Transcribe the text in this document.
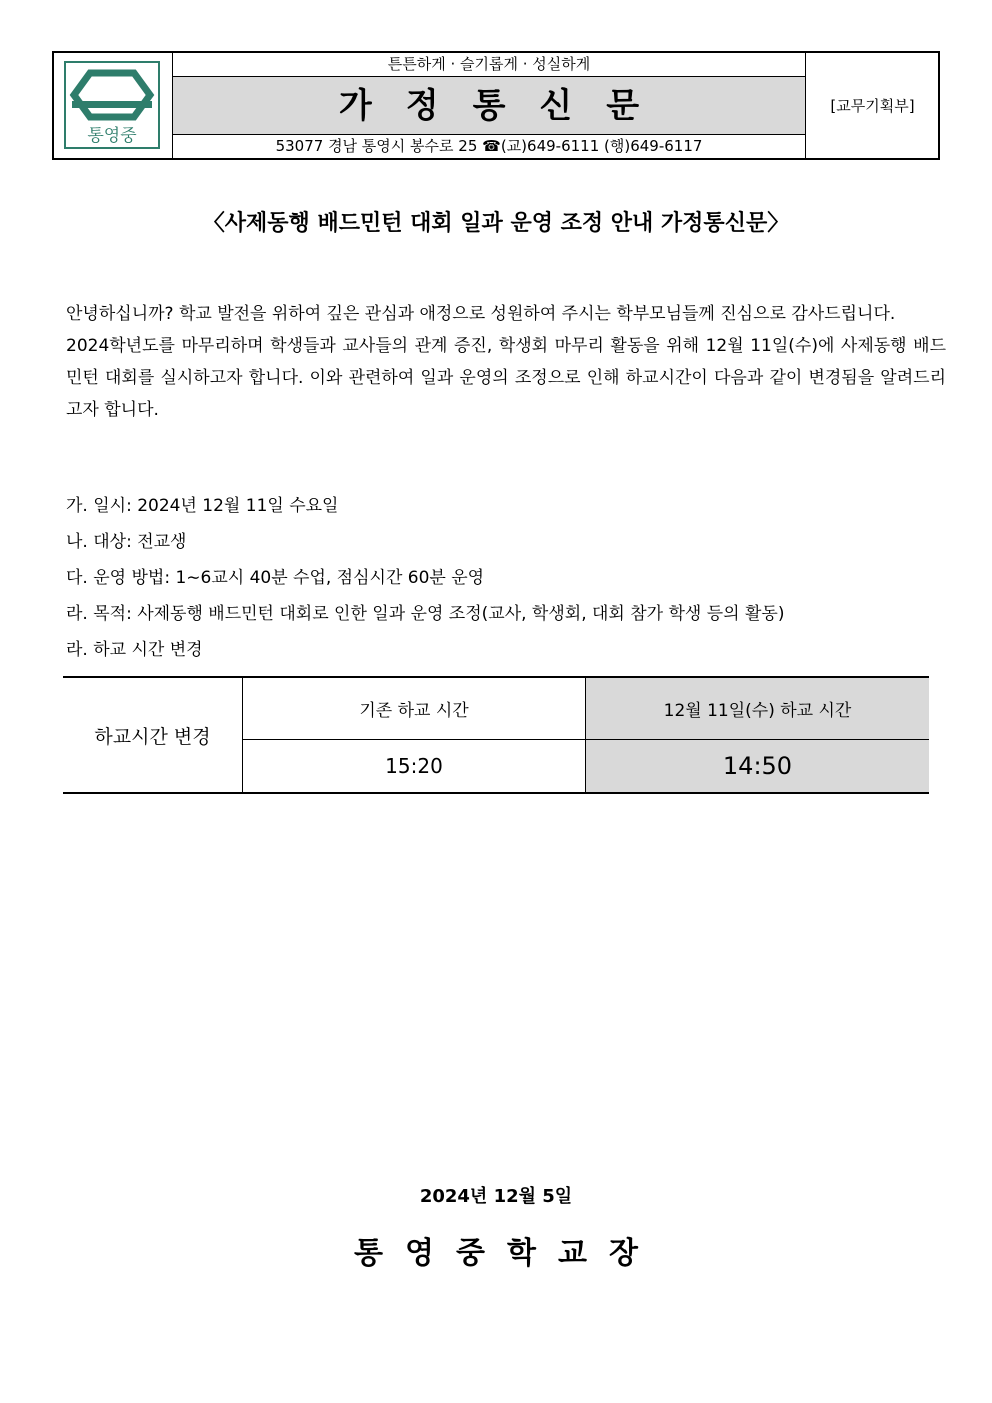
통영중
튼튼하게 · 슬기롭게 · 성실하게
가정통신문
53077 경남 통영시 봉수로 25 ☎(교)649-6111 (행)649-6117
[교무기획부]
〈사제동행 배드민턴 대회 일과 운영 조정 안내 가정통신문〉

안녕하십니까? 학교 발전을 위하여 깊은 관심과 애정으로 성원하여 주시는 학부모님들께 진심으로 감사드립니다.

2024학년도를 마무리하며 학생들과 교사들의 관계 증진, 학생회 마무리 활동을 위해 12월 11일(수)에 사제동행 배드민턴 대회를 실시하고자 합니다. 이와 관련하여 일과 운영의 조정으로 인해 하교시간이 다음과 같이 변경됨을 알려드리고자 합니다.

가. 일시: 2024년 12월 11일 수요일
나. 대상: 전교생
다. 운영 방법: 1∼6교시 40분 수업, 점심시간 60분 운영
라. 목적: 사제동행 배드민턴 대회로 인한 일과 운영 조정(교사, 학생회, 대회 참가 학생 등의 활동)
라. 하교 시간 변경
하교시간 변경
기존 하교 시간	12월 11일(수) 하교 시간
15:20	14:50
2024년 12월 5일
통영중학교장
